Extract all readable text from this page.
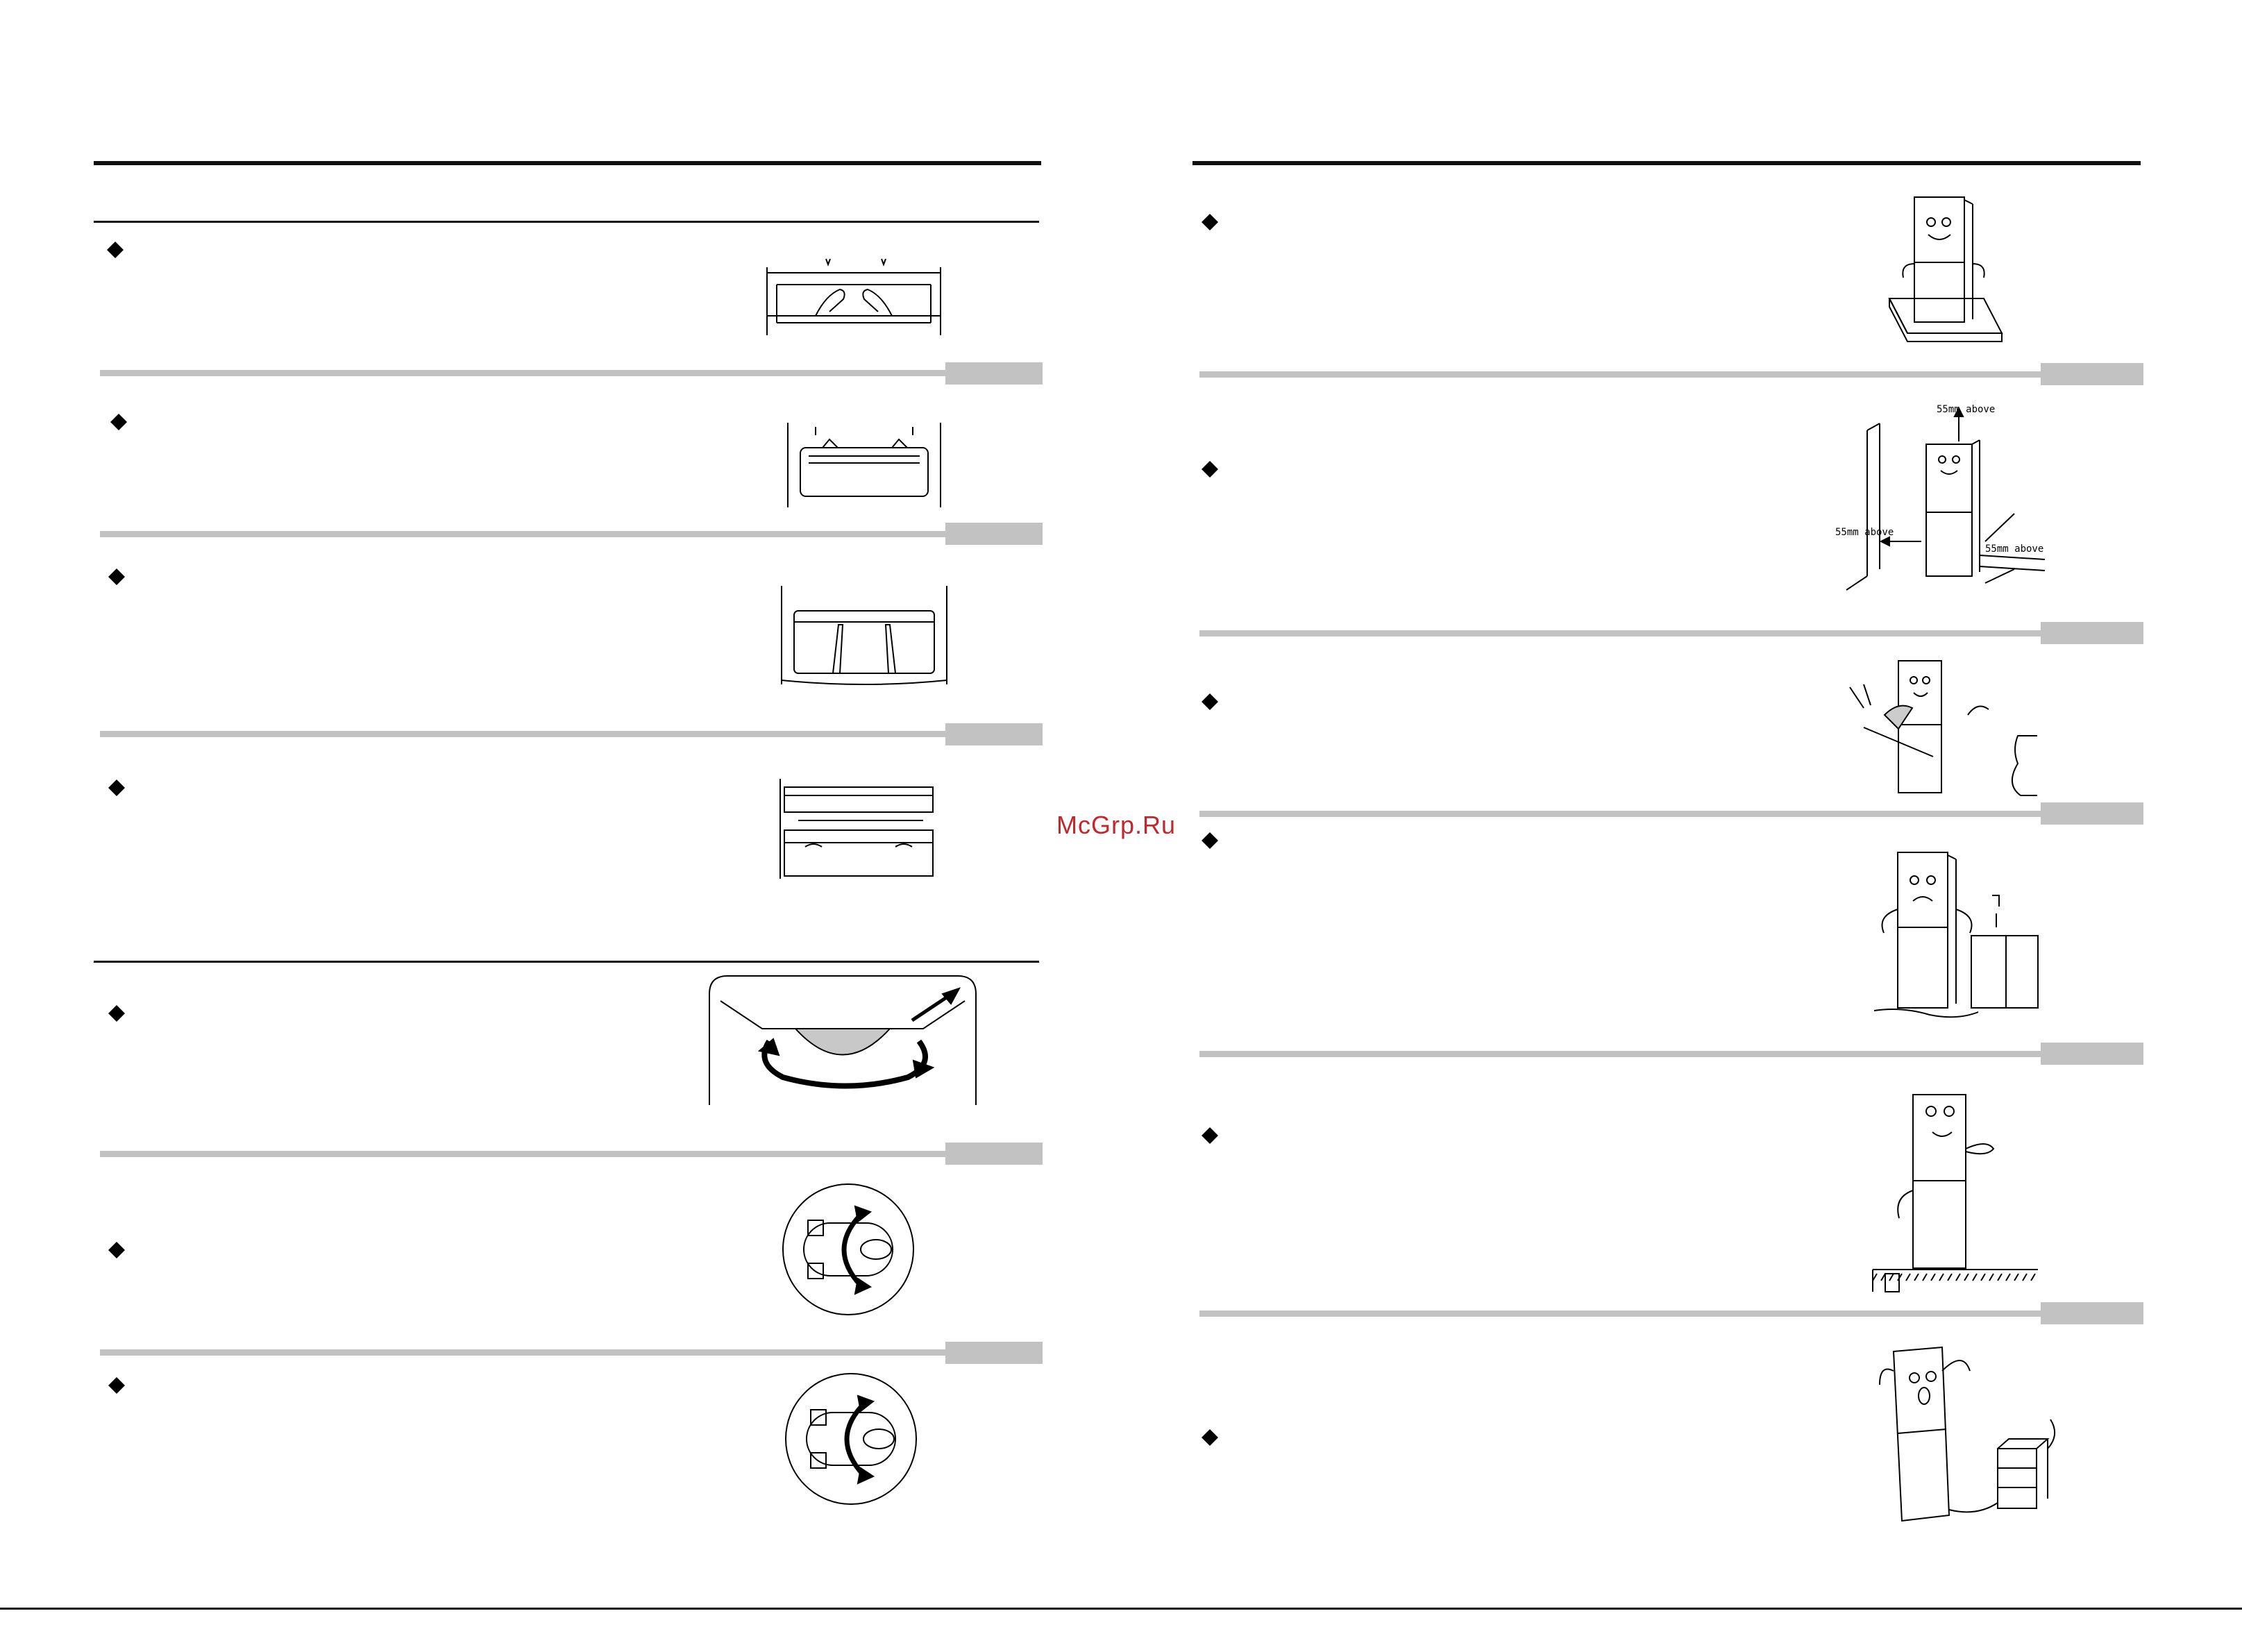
McGrp.Ru
55mm above
55mm above
55mm above
